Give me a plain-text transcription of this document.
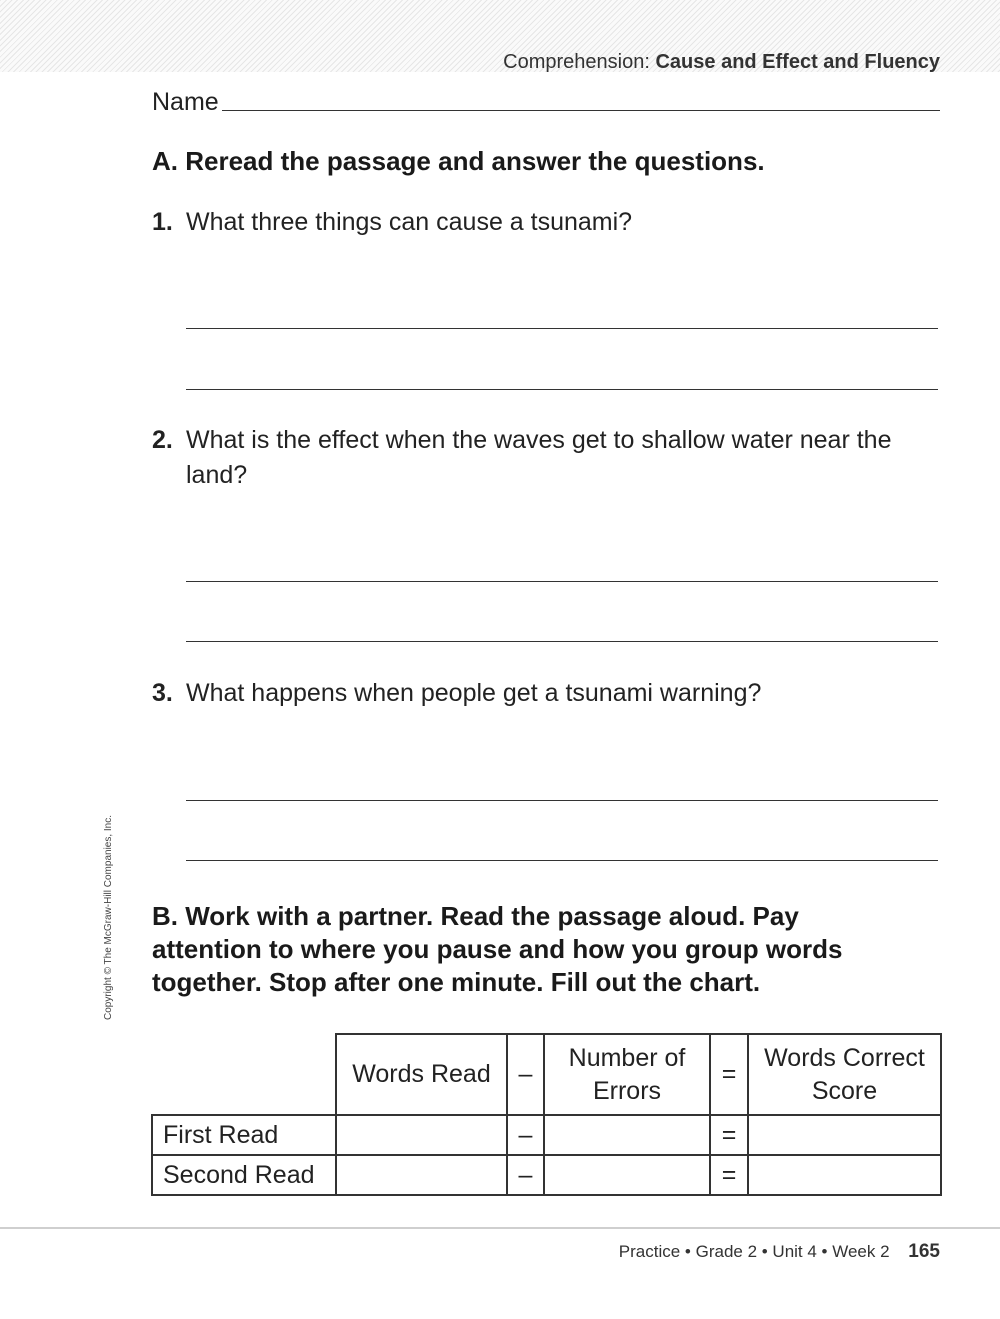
Comprehension: Cause and Effect and Fluency
Name
A. Reread the passage and answer the questions.
1. What three things can cause a tsunami?
2. What is the effect when the waves get to shallow water near the land?
3. What happens when people get a tsunami warning?
B. Work with a partner. Read the passage aloud. Pay attention to where you pause and how you group words together. Stop after one minute. Fill out the chart.
Copyright © The McGraw-Hill Companies, Inc.
	Words Read	–	Number of Errors	=	Words Correct Score
First Read		–		=	
Second Read		–		=	
Practice • Grade 2 • Unit 4 • Week 2 165
